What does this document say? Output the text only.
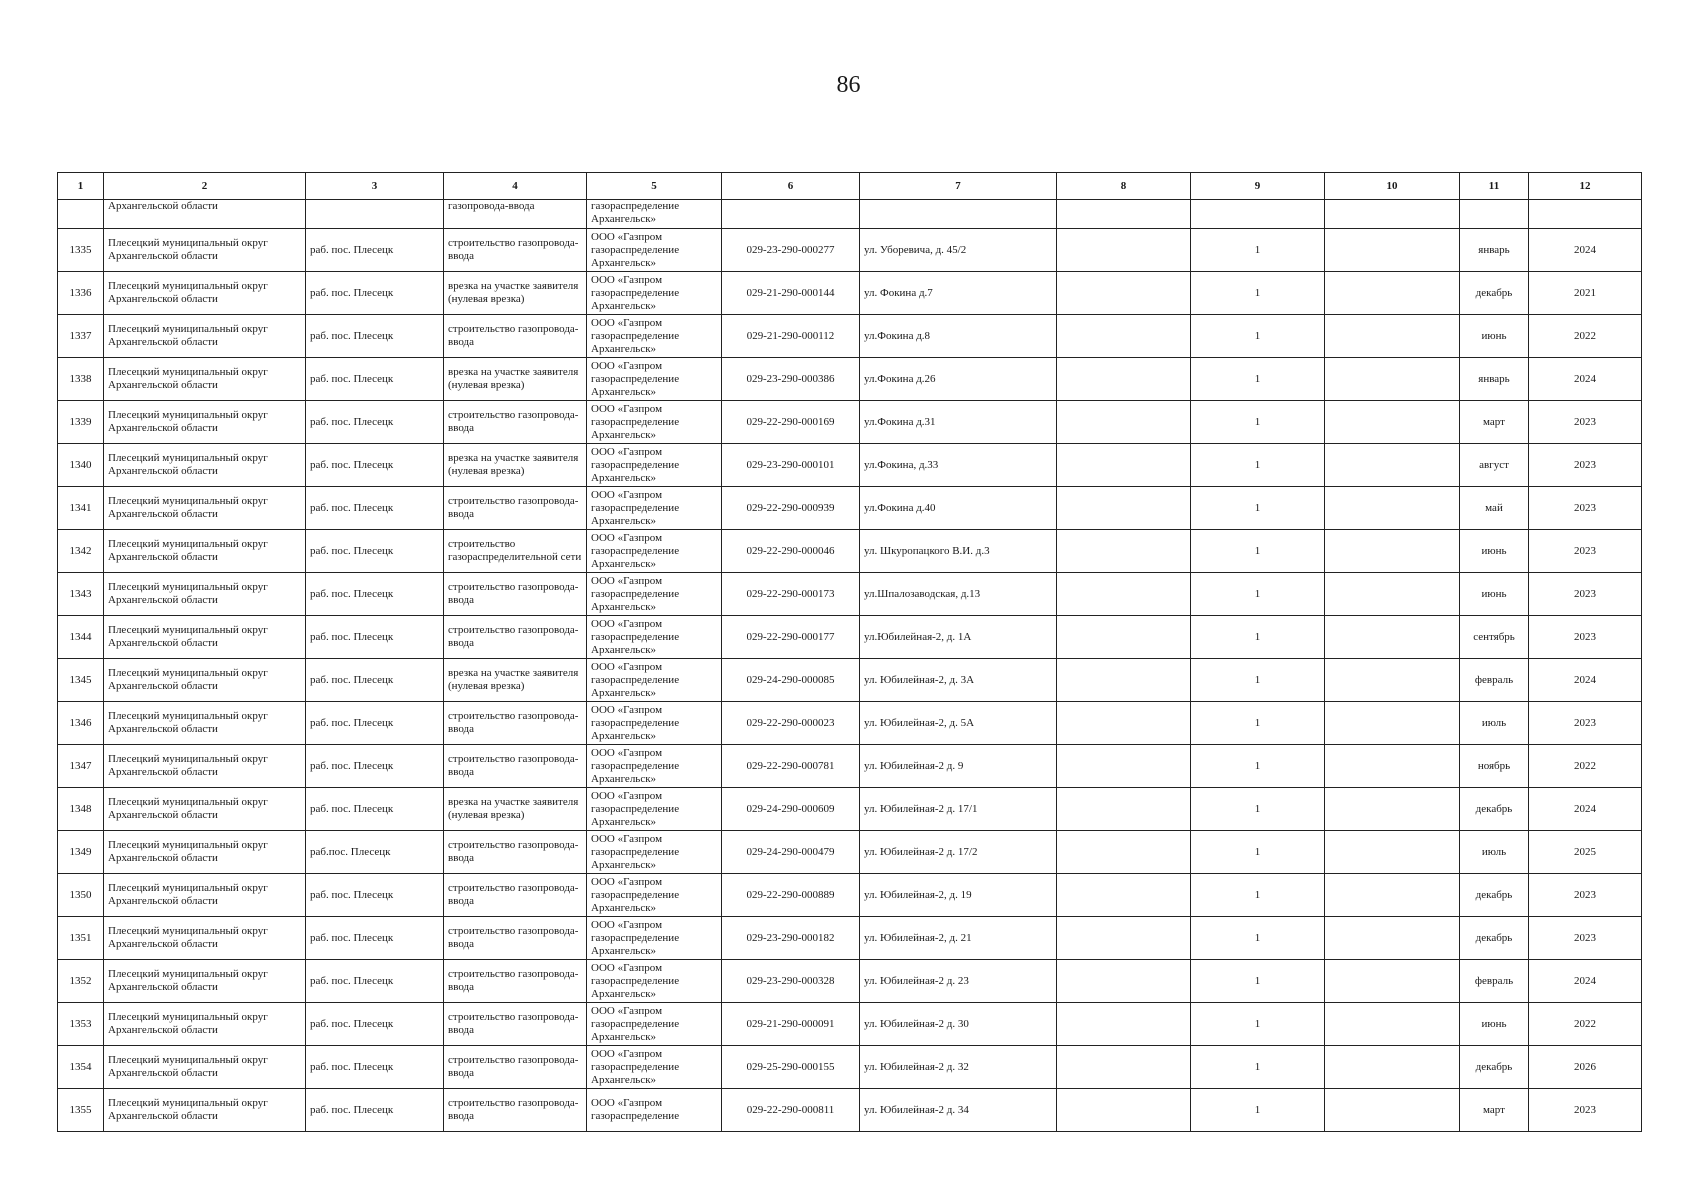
86
1	2	3	4	5	6	7	8	9	10	11	12
	Архангельской области		газопровода-ввода	газораспределение Архангельск»							
1335	Плесецкий муниципальный округ Архангельской области	раб. пос. Плесецк	строительство газопровода-ввода	ООО «Газпром газораспределение Архангельск»	029-23-290-000277	ул. Уборевича, д. 45/2		1		январь	2024
1336	Плесецкий муниципальный округ Архангельской области	раб. пос. Плесецк	врезка на участке заявителя (нулевая врезка)	ООО «Газпром газораспределение Архангельск»	029-21-290-000144	ул. Фокина д.7		1		декабрь	2021
1337	Плесецкий муниципальный округ Архангельской области	раб. пос. Плесецк	строительство газопровода-ввода	ООО «Газпром газораспределение Архангельск»	029-21-290-000112	ул.Фокина д.8		1		июнь	2022
1338	Плесецкий муниципальный округ Архангельской области	раб. пос. Плесецк	врезка на участке заявителя (нулевая врезка)	ООО «Газпром газораспределение Архангельск»	029-23-290-000386	ул.Фокина д.26		1		январь	2024
1339	Плесецкий муниципальный округ Архангельской области	раб. пос. Плесецк	строительство газопровода-ввода	ООО «Газпром газораспределение Архангельск»	029-22-290-000169	ул.Фокина д.31		1		март	2023
1340	Плесецкий муниципальный округ Архангельской области	раб. пос. Плесецк	врезка на участке заявителя (нулевая врезка)	ООО «Газпром газораспределение Архангельск»	029-23-290-000101	ул.Фокина, д.33		1		август	2023
1341	Плесецкий муниципальный округ Архангельской области	раб. пос. Плесецк	строительство газопровода-ввода	ООО «Газпром газораспределение Архангельск»	029-22-290-000939	ул.Фокина д.40		1		май	2023
1342	Плесецкий муниципальный округ Архангельской области	раб. пос. Плесецк	строительство газораспределительной сети	ООО «Газпром газораспределение Архангельск»	029-22-290-000046	ул. Шкуропацкого В.И. д.3		1		июнь	2023
1343	Плесецкий муниципальный округ Архангельской области	раб. пос. Плесецк	строительство газопровода-ввода	ООО «Газпром газораспределение Архангельск»	029-22-290-000173	ул.Шпалозаводская, д.13		1		июнь	2023
1344	Плесецкий муниципальный округ Архангельской области	раб. пос. Плесецк	строительство газопровода-ввода	ООО «Газпром газораспределение Архангельск»	029-22-290-000177	ул.Юбилейная-2, д. 1А		1		сентябрь	2023
1345	Плесецкий муниципальный округ Архангельской области	раб. пос. Плесецк	врезка на участке заявителя (нулевая врезка)	ООО «Газпром газораспределение Архангельск»	029-24-290-000085	ул. Юбилейная-2, д. 3А		1		февраль	2024
1346	Плесецкий муниципальный округ Архангельской области	раб. пос. Плесецк	строительство газопровода-ввода	ООО «Газпром газораспределение Архангельск»	029-22-290-000023	ул. Юбилейная-2, д. 5А		1		июль	2023
1347	Плесецкий муниципальный округ Архангельской области	раб. пос. Плесецк	строительство газопровода-ввода	ООО «Газпром газораспределение Архангельск»	029-22-290-000781	ул. Юбилейная-2 д. 9		1		ноябрь	2022
1348	Плесецкий муниципальный округ Архангельской области	раб. пос. Плесецк	врезка на участке заявителя (нулевая врезка)	ООО «Газпром газораспределение Архангельск»	029-24-290-000609	ул. Юбилейная-2 д. 17/1		1		декабрь	2024
1349	Плесецкий муниципальный округ Архангельской области	раб.пос. Плесецк	строительство газопровода-ввода	ООО «Газпром газораспределение Архангельск»	029-24-290-000479	ул. Юбилейная-2 д. 17/2		1		июль	2025
1350	Плесецкий муниципальный округ Архангельской области	раб. пос. Плесецк	строительство газопровода-ввода	ООО «Газпром газораспределение Архангельск»	029-22-290-000889	ул. Юбилейная-2, д. 19		1		декабрь	2023
1351	Плесецкий муниципальный округ Архангельской области	раб. пос. Плесецк	строительство газопровода-ввода	ООО «Газпром газораспределение Архангельск»	029-23-290-000182	ул. Юбилейная-2, д. 21		1		декабрь	2023
1352	Плесецкий муниципальный округ Архангельской области	раб. пос. Плесецк	строительство газопровода-ввода	ООО «Газпром газораспределение Архангельск»	029-23-290-000328	ул. Юбилейная-2 д. 23		1		февраль	2024
1353	Плесецкий муниципальный округ Архангельской области	раб. пос. Плесецк	строительство газопровода-ввода	ООО «Газпром газораспределение Архангельск»	029-21-290-000091	ул. Юбилейная-2 д. 30		1		июнь	2022
1354	Плесецкий муниципальный округ Архангельской области	раб. пос. Плесецк	строительство газопровода-ввода	ООО «Газпром газораспределение Архангельск»	029-25-290-000155	ул. Юбилейная-2 д. 32		1		декабрь	2026
1355	Плесецкий муниципальный округ Архангельской области	раб. пос. Плесецк	строительство газопровода-ввода	ООО «Газпром газораспределение	029-22-290-000811	ул. Юбилейная-2 д. 34		1		март	2023
